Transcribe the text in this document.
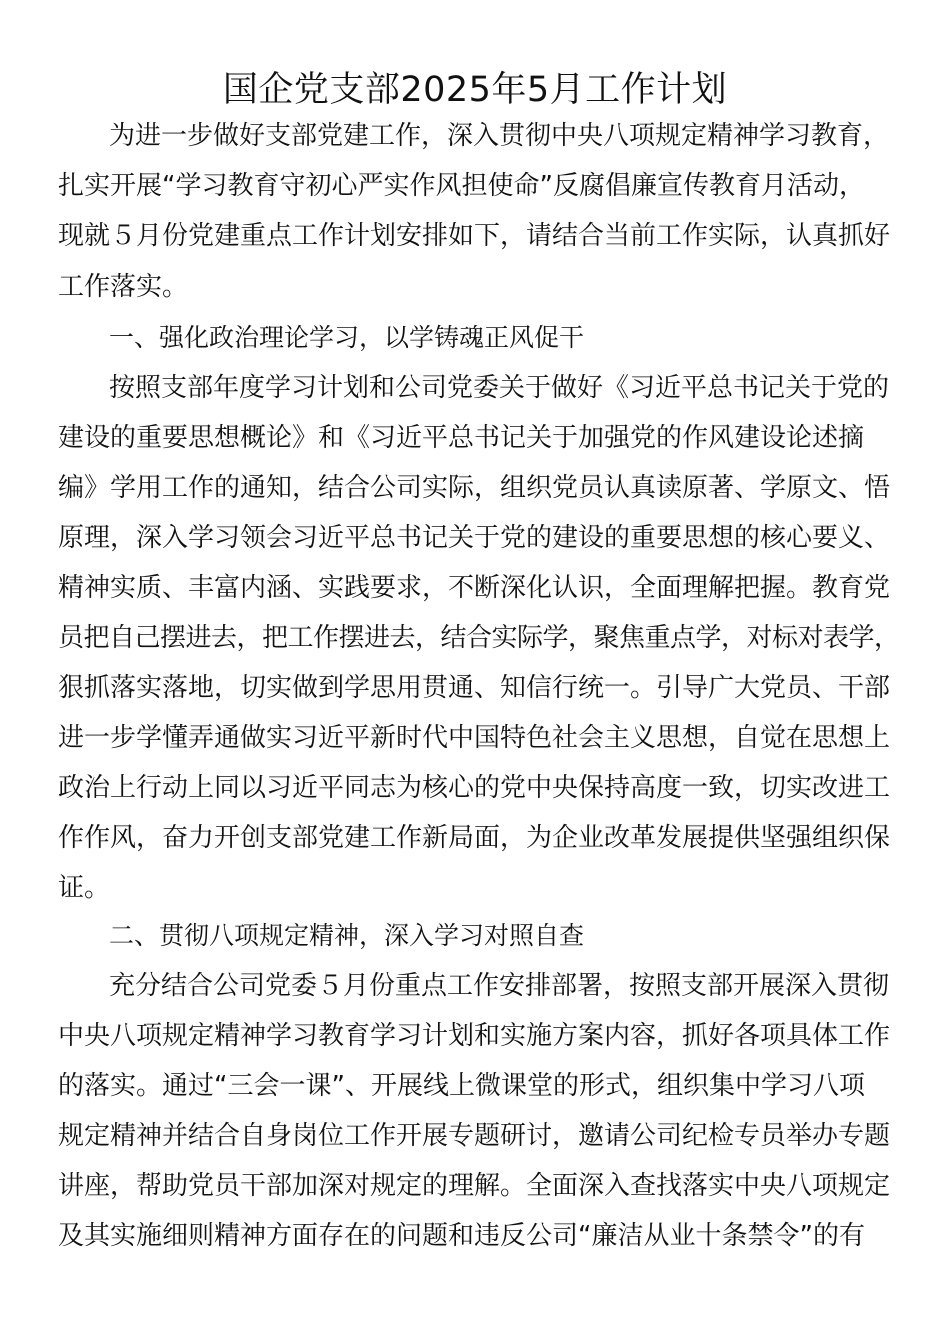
国企党支部2025年5月工作计划
为进一步做好支部党建工作，深入贯彻中央八项规定精神学习教育，
扎实开展“学习教育守初心严实作风担使命”反腐倡廉宣传教育月活动，
现就５月份党建重点工作计划安排如下，请结合当前工作实际，认真抓好
工作落实。
一、强化政治理论学习，以学铸魂正风促干
按照支部年度学习计划和公司党委关于做好《习近平总书记关于党的
建设的重要思想概论》和《习近平总书记关于加强党的作风建设论述摘
编》学用工作的通知，结合公司实际，组织党员认真读原著、学原文、悟
原理，深入学习领会习近平总书记关于党的建设的重要思想的核心要义、
精神实质、丰富内涵、实践要求，不断深化认识，全面理解把握。教育党
员把自己摆进去，把工作摆进去，结合实际学，聚焦重点学，对标对表学，
狠抓落实落地，切实做到学思用贯通、知信行统一。引导广大党员、干部
进一步学懂弄通做实习近平新时代中国特色社会主义思想，自觉在思想上
政治上行动上同以习近平同志为核心的党中央保持高度一致，切实改进工
作作风，奋力开创支部党建工作新局面，为企业改革发展提供坚强组织保
证。
二、贯彻八项规定精神，深入学习对照自查
充分结合公司党委５月份重点工作安排部署，按照支部开展深入贯彻
中央八项规定精神学习教育学习计划和实施方案内容，抓好各项具体工作
的落实。通过“三会一课”、开展线上微课堂的形式，组织集中学习八项
规定精神并结合自身岗位工作开展专题研讨，邀请公司纪检专员举办专题
讲座，帮助党员干部加深对规定的理解。全面深入查找落实中央八项规定
及其实施细则精神方面存在的问题和违反公司“廉洁从业十条禁令”的有
